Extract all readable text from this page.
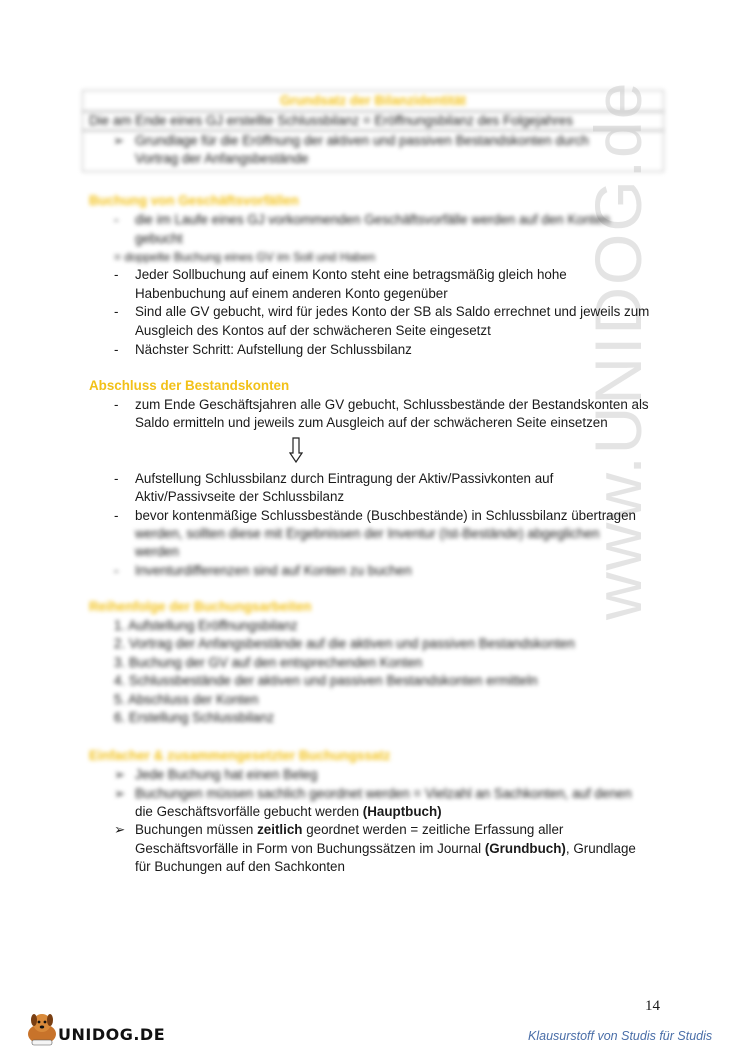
www.UNIDOG.de
Grundsatz der Bilanzidentität
Die am Ende eines GJ erstellte Schlussbilanz = Eröffnungsbilanz des Folgejahres
➢ Grundlage für die Eröffnung der aktiven und passiven Bestandskonten durch
Vortrag der Anfangsbestände
Buchung von Geschäftsvorfällen
- die im Laufe eines GJ vorkommenden Geschäftsvorfälle werden auf den Konten
gebucht
= doppelte Buchung eines GV im Soll und Haben
- Jeder Sollbuchung auf einem Konto steht eine betragsmäßig gleich hohe
Habenbuchung auf einem anderen Konto gegenüber
- Sind alle GV gebucht, wird für jedes Konto der SB als Saldo errechnet und jeweils zum
Ausgleich des Kontos auf der schwächeren Seite eingesetzt
- Nächster Schritt: Aufstellung der Schlussbilanz
Abschluss der Bestandskonten
- zum Ende Geschäftsjahren alle GV gebucht, Schlussbestände der Bestandskonten als
Saldo ermitteln und jeweils zum Ausgleich auf der schwächeren Seite einsetzen
- Aufstellung Schlussbilanz durch Eintragung der Aktiv/Passivkonten auf
Aktiv/Passivseite der Schlussbilanz
- bevor kontenmäßige Schlussbestände (Buschbestände) in Schlussbilanz übertragen
werden, sollten diese mit Ergebnissen der Inventur (Ist-Bestände) abgeglichen
werden
- Inventurdifferenzen sind auf Konten zu buchen
Reihenfolge der Buchungsarbeiten
1. Aufstellung Eröffnungsbilanz
2. Vortrag der Anfangsbestände auf die aktiven und passiven Bestandskonten
3. Buchung der GV auf den entsprechenden Konten
4. Schlussbestände der aktiven und passiven Bestandskonten ermitteln
5. Abschluss der Konten
6. Erstellung Schlussbilanz
Einfacher & zusammengesetzter Buchungssatz
➢ Jede Buchung hat einen Beleg
➢ Buchungen müssen sachlich geordnet werden = Vielzahl an Sachkonten, auf denen
die Geschäftsvorfälle gebucht werden (Hauptbuch)
➢ Buchungen müssen zeitlich geordnet werden = zeitliche Erfassung aller
Geschäftsvorfälle in Form von Buchungssätzen im Journal (Grundbuch), Grundlage
für Buchungen auf den Sachkonten
14
UNIDOG.DE	Klausurstoff von Studis für Studis
